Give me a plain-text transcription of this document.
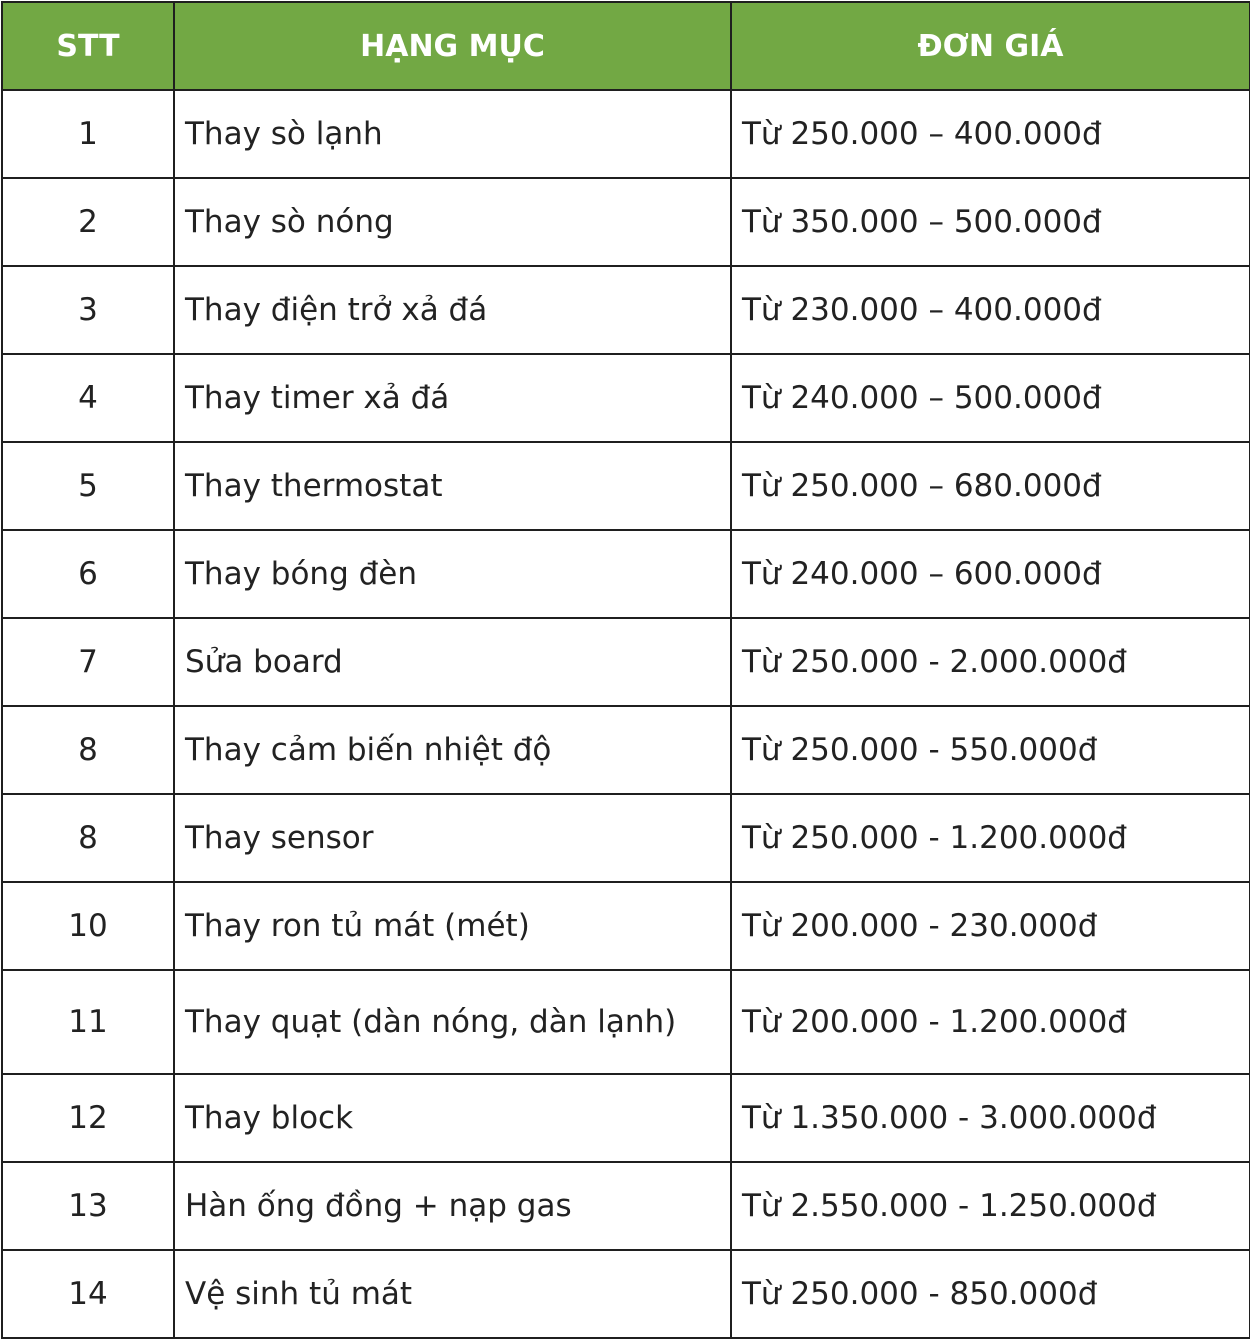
STT	HẠNG MỤC	ĐƠN GIÁ
1	Thay sò lạnh	Từ 250.000 – 400.000đ
2	Thay sò nóng	Từ 350.000 – 500.000đ
3	Thay điện trở xả đá	Từ 230.000 – 400.000đ
4	Thay timer xả đá	Từ 240.000 – 500.000đ
5	Thay thermostat	Từ 250.000 – 680.000đ
6	Thay bóng đèn	Từ 240.000 – 600.000đ
7	Sửa board	Từ 250.000 - 2.000.000đ
8	Thay cảm biến nhiệt độ	Từ 250.000 - 550.000đ
8	Thay sensor	Từ 250.000 - 1.200.000đ
10	Thay ron tủ mát (mét)	Từ 200.000 - 230.000đ
11	Thay quạt (dàn nóng, dàn lạnh)	Từ 200.000 - 1.200.000đ
12	Thay block	Từ 1.350.000 - 3.000.000đ
13	Hàn ống đồng + nạp gas	Từ 2.550.000 - 1.250.000đ
14	Vệ sinh tủ mát	Từ 250.000 - 850.000đ
